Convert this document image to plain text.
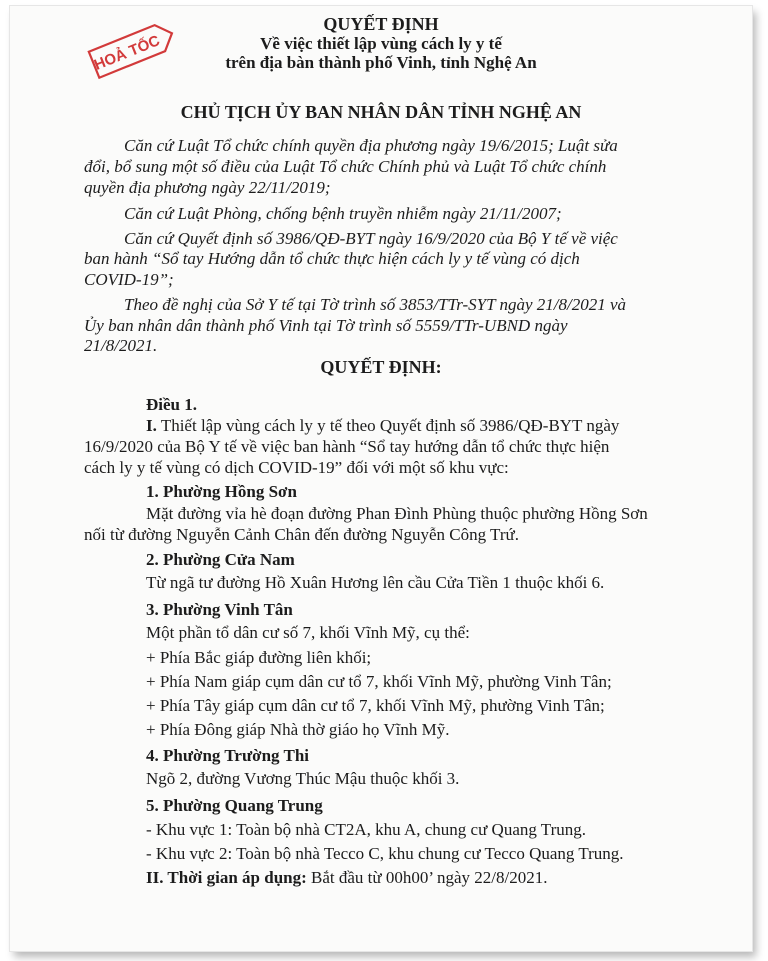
HOẢ TỐC
QUYẾT ĐỊNH
Về việc thiết lập vùng cách ly y tế
trên địa bàn thành phố Vinh, tỉnh Nghệ An
CHỦ TỊCH ỦY BAN NHÂN DÂN TỈNH NGHỆ AN
Căn cứ Luật Tổ chức chính quyền địa phương ngày 19/6/2015; Luật sửa
đổi, bổ sung một số điều của Luật Tổ chức Chính phủ và Luật Tổ chức chính
quyền địa phương ngày 22/11/2019;
Căn cứ Luật Phòng, chống bệnh truyền nhiễm ngày 21/11/2007;
Căn cứ Quyết định số 3986/QĐ-BYT ngày 16/9/2020 của Bộ Y tế về việc
ban hành “Sổ tay Hướng dẫn tổ chức thực hiện cách ly y tế vùng có dịch
COVID-19”;
Theo đề nghị của Sở Y tế tại Tờ trình số 3853/TTr-SYT ngày 21/8/2021 và
Ủy ban nhân dân thành phố Vinh tại Tờ trình số 5559/TTr-UBND ngày
21/8/2021.
QUYẾT ĐỊNH:
Điều 1.
I. Thiết lập vùng cách ly y tế theo Quyết định số 3986/QĐ-BYT ngày
16/9/2020 của Bộ Y tế về việc ban hành “Sổ tay hướng dẫn tổ chức thực hiện
cách ly y tế vùng có dịch COVID-19” đối với một số khu vực:
1. Phường Hồng Sơn
Mặt đường vỉa hè đoạn đường Phan Đình Phùng thuộc phường Hồng Sơn
nối từ đường Nguyễn Cảnh Chân đến đường Nguyễn Công Trứ.
2. Phường Cửa Nam
Từ ngã tư đường Hồ Xuân Hương lên cầu Cửa Tiền 1 thuộc khối 6.
3. Phường Vinh Tân
Một phần tổ dân cư số 7, khối Vĩnh Mỹ, cụ thể:
+ Phía Bắc giáp đường liên khối;
+ Phía Nam giáp cụm dân cư tổ 7, khối Vĩnh Mỹ, phường Vinh Tân;
+ Phía Tây giáp cụm dân cư tổ 7, khối Vĩnh Mỹ, phường Vinh Tân;
+ Phía Đông giáp Nhà thờ giáo họ Vĩnh Mỹ.
4. Phường Trường Thi
Ngõ 2, đường Vương Thúc Mậu thuộc khối 3.
5. Phường Quang Trung
- Khu vực 1: Toàn bộ nhà CT2A, khu A, chung cư Quang Trung.
- Khu vực 2: Toàn bộ nhà Tecco C, khu chung cư Tecco Quang Trung.
II. Thời gian áp dụng: Bắt đầu từ 00h00’ ngày 22/8/2021.
